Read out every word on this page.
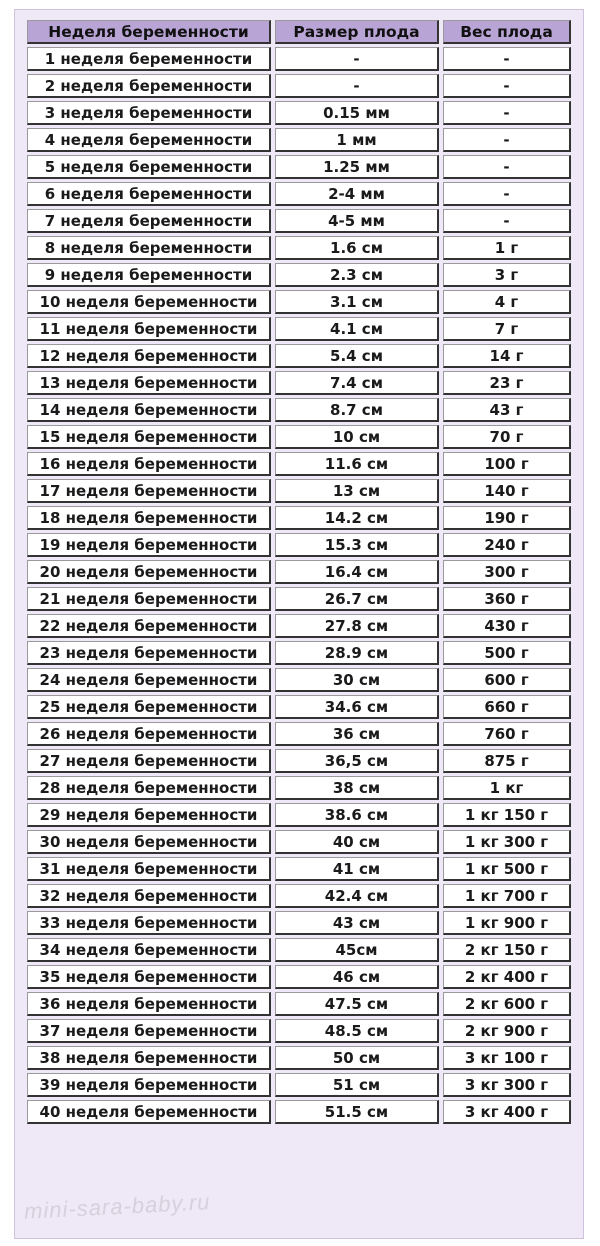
Неделя беременности	Размер плода	Вес плода
1 неделя беременности	-	-
2 неделя беременности	-	-
3 неделя беременности	0.15 мм	-
4 неделя беременности	1 мм	-
5 неделя беременности	1.25 мм	-
6 неделя беременности	2-4 мм	-
7 неделя беременности	4-5 мм	-
8 неделя беременности	1.6 см	1 г
9 неделя беременности	2.3 см	3 г
10 неделя беременности	3.1 см	4 г
11 неделя беременности	4.1 см	7 г
12 неделя беременности	5.4 см	14 г
13 неделя беременности	7.4 см	23 г
14 неделя беременности	8.7 см	43 г
15 неделя беременности	10 см	70 г
16 неделя беременности	11.6 см	100 г
17 неделя беременности	13 см	140 г
18 неделя беременности	14.2 см	190 г
19 неделя беременности	15.3 см	240 г
20 неделя беременности	16.4 см	300 г
21 неделя беременности	26.7 см	360 г
22 неделя беременности	27.8 см	430 г
23 неделя беременности	28.9 см	500 г
24 неделя беременности	30 см	600 г
25 неделя беременности	34.6 см	660 г
26 неделя беременности	36 см	760 г
27 неделя беременности	36,5 см	875 г
28 неделя беременности	38 см	1 кг
29 неделя беременности	38.6 см	1 кг 150 г
30 неделя беременности	40 см	1 кг 300 г
31 неделя беременности	41 см	1 кг 500 г
32 неделя беременности	42.4 см	1 кг 700 г
33 неделя беременности	43 см	1 кг 900 г
34 неделя беременности	45см	2 кг 150 г
35 неделя беременности	46 см	2 кг 400 г
36 неделя беременности	47.5 см	2 кг 600 г
37 неделя беременности	48.5 см	2 кг 900 г
38 неделя беременности	50 см	3 кг 100 г
39 неделя беременности	51 см	3 кг 300 г
40 неделя беременности	51.5 см	3 кг 400 г
mini-sara-baby.ru
